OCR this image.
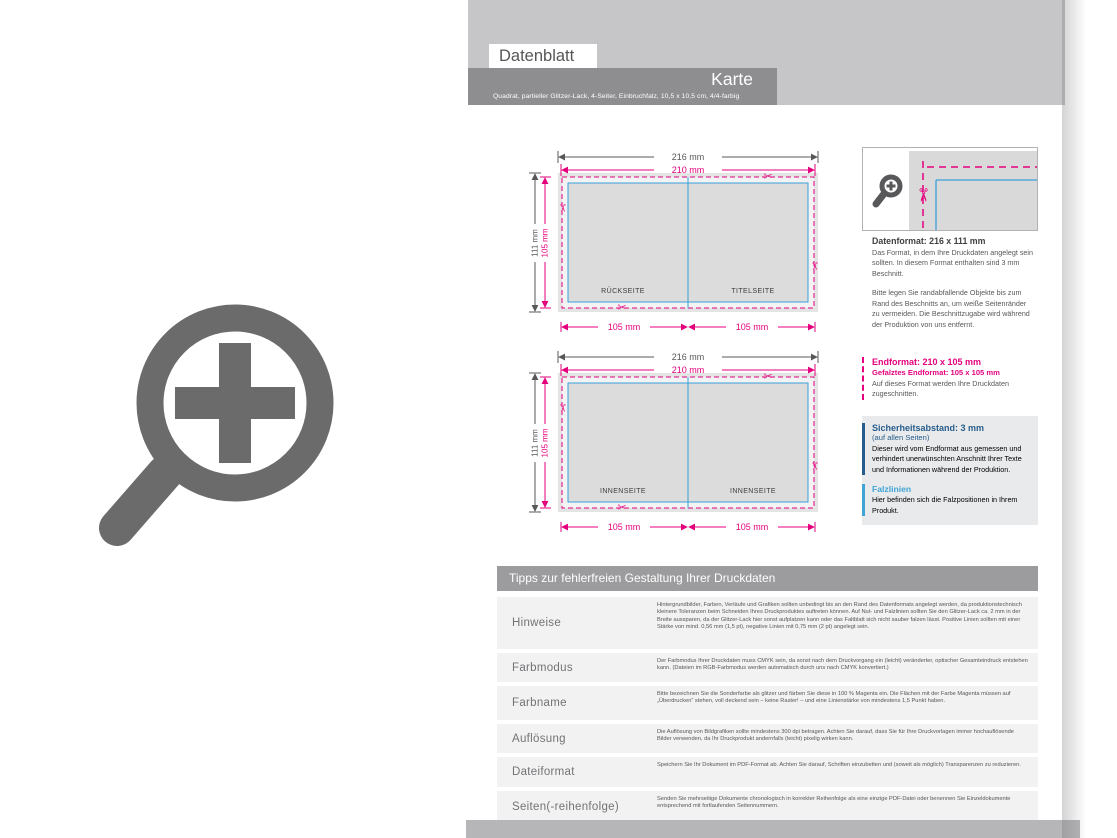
Datenblatt
Karte
Quadrat, partieller Glitzer-Lack, 4-Seiter, Einbruchfalz, 10,5 x 10,5 cm, 4/4-farbig
216 mm
210 mm
111 mm 105 mm
RÜCKSEITE	TITELSEITE
105 mm	105 mm
✂
✂
✂
✂
216 mm
210 mm
111 mm 105 mm
INNENSEITE	INNENSEITE
105 mm	105 mm
✂
✂
✂
✂
✂

Datenformat: 216 x 111 mm

Das Format, in dem Ihre Druckdaten angelegt sein sollten. In diesem Format enthalten sind 3 mm Beschnitt.

Bitte legen Sie randabfallende Objekte bis zum Rand des Beschnitts an, um weiße Seitenränder zu vermeiden. Die Beschnittzugabe wird während der Produktion von uns entfernt.

Endformat: 210 x 105 mm

Gefalztes Endformat: 105 x 105 mm

Auf dieses Format werden Ihre Druckdaten zugeschnitten.

Sicherheitsabstand: 3 mm

(auf allen Seiten)

Dieser wird vom Endformat aus gemessen und verhindert unerwünschten Anschnitt Ihrer Texte und Informationen während der Produktion.

Falzlinien

Hier befinden sich die Falzpositionen in Ihrem Produkt.

Tipps zur fehlerfreien Gestaltung Ihrer Druckdaten
Hinweise
Hintergrundbilder, Farben, Verläufe und Grafiken sollten unbedingt bis an den Rand des Datenformats angelegt werden, da produktionstechnisch kleinere Toleranzen beim Schneiden Ihres Druckproduktes auftreten können. Auf Nut- und Falzlinien sollten Sie den Glitzer-Lack ca. 2 mm in der Breite aussparen, da der Glitzer-Lack hier sonst aufplatzen kann oder das Faltblatt sich nicht sauber falzen lässt. Positive Linien sollten mit einer Stärke von mind. 0,56 mm (1,5 pt), negative Linien mit 0,75 mm (2 pt) angelegt sein.
Farbmodus
Der Farbmodus Ihrer Druckdaten muss CMYK sein, da sonst nach dem Druckvorgang ein (leicht) veränderter, optischer Gesamteindruck entstehen kann. (Dateien im RGB-Farbmodus werden automatisch durch uns nach CMYK konvertiert.)
Farbname
Bitte bezeichnen Sie die Sonderfarbe als glitzer und färben Sie diese in 100 % Magenta ein. Die Flächen mit der Farbe Magenta müssen auf „Überdrucken“ stehen, voll deckend sein – keine Raster! – und eine Linienstärke von mindestens 1,5 Punkt haben.
Auflösung
Die Auflösung von Bildgrafiken sollte mindestens 300 dpi betragen. Achten Sie darauf, dass Sie für Ihre Druckvorlagen immer hochauflösende Bilder verwenden, da Ihr Druckprodukt andernfalls (leicht) pixelig wirken kann.
Dateiformat
Speichern Sie Ihr Dokument im PDF-Format ab. Achten Sie darauf, Schriften einzubetten und (soweit als möglich) Transparenzen zu reduzieren.
Seiten(-reihenfolge)
Senden Sie mehrseitige Dokumente chronologisch in korrekter Reihenfolge als eine einzige PDF-Datei oder benennen Sie Einzeldokumente entsprechend mit fortlaufenden Seitennummern.
